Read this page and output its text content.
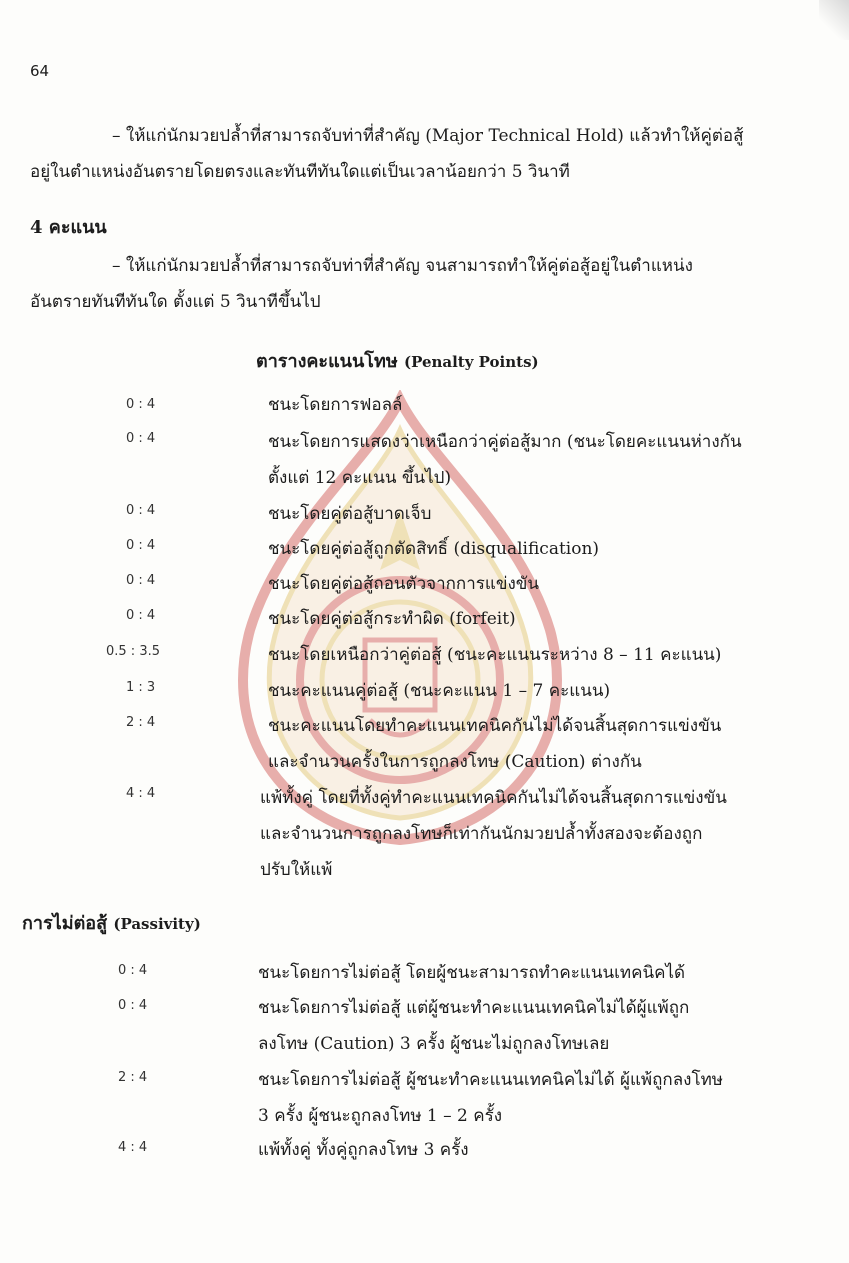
64
– ให้แก่นักมวยปล้ำที่สามารถจับท่าที่สำคัญ (Major Technical Hold) แล้วทำให้คู่ต่อสู้
อยู่ในตำแหน่งอันตรายโดยตรงและทันทีทันใดแต่เป็นเวลาน้อยกว่า 5 วินาที
4 คะแนน
– ให้แก่นักมวยปล้ำที่สามารถจับท่าที่สำคัญ จนสามารถทำให้คู่ต่อสู้อยู่ในตำแหน่ง
อันตรายทันทีทันใด ตั้งแต่ 5 วินาทีขึ้นไป
ตารางคะแนนโทษ (Penalty Points)
0 : 4	ชนะโดยการฟอลล์
0 : 4	ชนะโดยการแสดงว่าเหนือกว่าคู่ต่อสู้มาก (ชนะโดยคะแนนห่างกัน
ตั้งแต่ 12 คะแนน ขึ้นไป)
0 : 4	ชนะโดยคู่ต่อสู้บาดเจ็บ
0 : 4	ชนะโดยคู่ต่อสู้ถูกตัดสิทธิ์ (disqualification)
0 : 4	ชนะโดยคู่ต่อสู้ถอนตัวจากการแข่งขัน
0 : 4	ชนะโดยคู่ต่อสู้กระทำผิด (forfeit)
0.5 : 3.5	ชนะโดยเหนือกว่าคู่ต่อสู้ (ชนะคะแนนระหว่าง 8 – 11 คะแนน)
1 : 3	ชนะคะแนนคู่ต่อสู้ (ชนะคะแนน 1 – 7 คะแนน)
2 : 4	ชนะคะแนนโดยทำคะแนนเทคนิคกันไม่ได้จนสิ้นสุดการแข่งขัน
และจำนวนครั้งในการถูกลงโทษ (Caution) ต่างกัน
4 : 4	แพ้ทั้งคู่ โดยที่ทั้งคู่ทำคะแนนเทคนิคกันไม่ได้จนสิ้นสุดการแข่งขัน
และจำนวนการถูกลงโทษก็เท่ากันนักมวยปล้ำทั้งสองจะต้องถูก
ปรับให้แพ้
การไม่ต่อสู้ (Passivity)
0 : 4	ชนะโดยการไม่ต่อสู้ โดยผู้ชนะสามารถทำคะแนนเทคนิคได้
0 : 4	ชนะโดยการไม่ต่อสู้ แต่ผู้ชนะทำคะแนนเทคนิคไม่ได้ผู้แพ้ถูก
ลงโทษ (Caution) 3 ครั้ง ผู้ชนะไม่ถูกลงโทษเลย
2 : 4	ชนะโดยการไม่ต่อสู้ ผู้ชนะทำคะแนนเทคนิคไม่ได้ ผู้แพ้ถูกลงโทษ
3 ครั้ง ผู้ชนะถูกลงโทษ 1 – 2 ครั้ง
4 : 4	แพ้ทั้งคู่ ทั้งคู่ถูกลงโทษ 3 ครั้ง
